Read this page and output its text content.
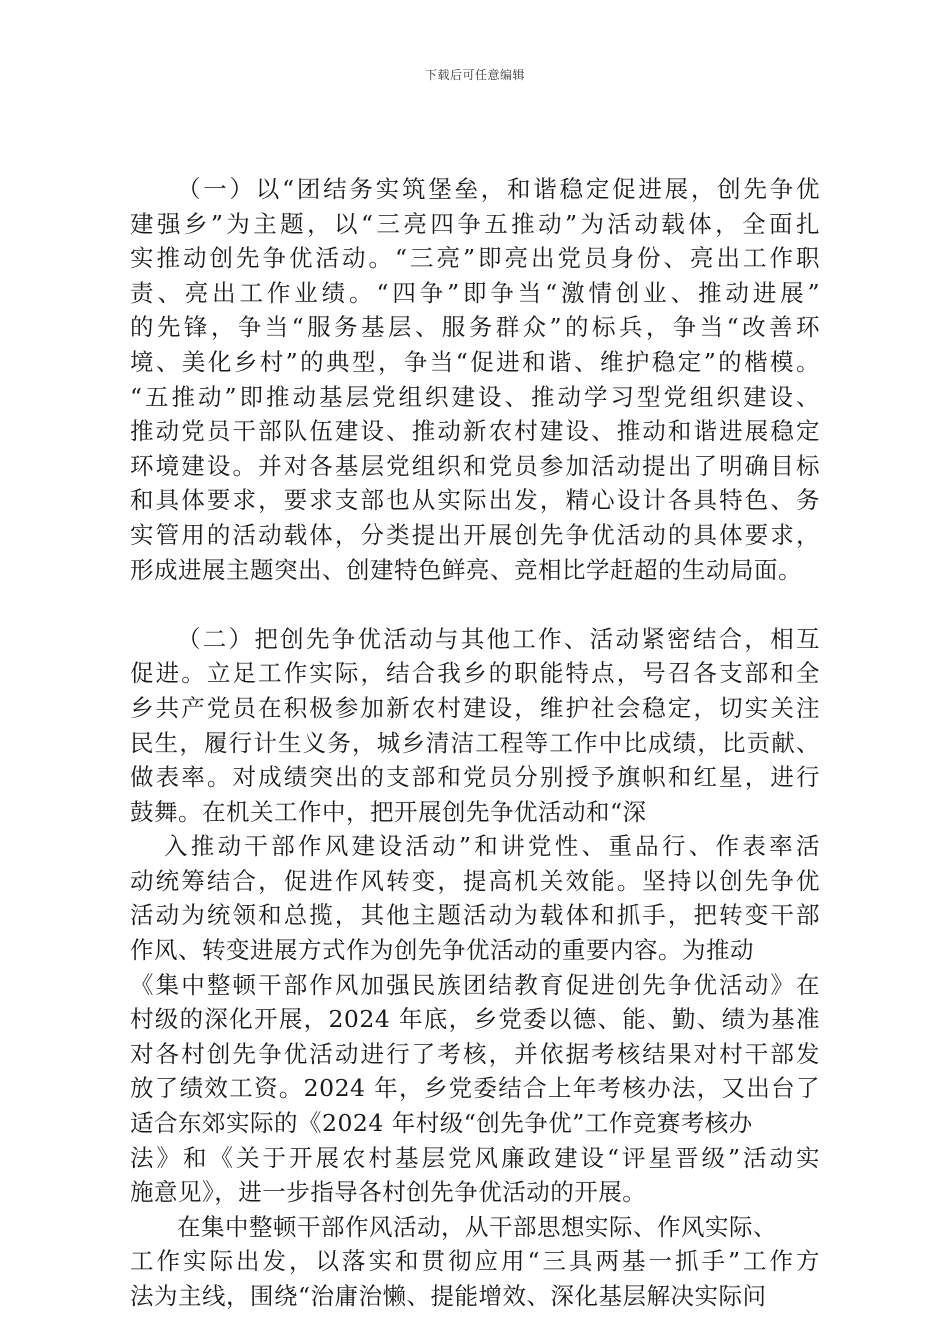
下载后可任意编辑
（一）以“团结务实筑堡垒，和谐稳定促进展，创先争优
建强乡”为主题，以“三亮四争五推动”为活动载体，全面扎
实推动创先争优活动。“三亮”即亮出党员身份、亮出工作职
责、亮出工作业绩。“四争”即争当“激情创业、推动进展”
的先锋，争当“服务基层、服务群众”的标兵，争当“改善环
境、美化乡村”的典型，争当“促进和谐、维护稳定”的楷模。
“五推动”即推动基层党组织建设、推动学习型党组织建设、
推动党员干部队伍建设、推动新农村建设、推动和谐进展稳定
环境建设。并对各基层党组织和党员参加活动提出了明确目标
和具体要求，要求支部也从实际出发，精心设计各具特色、务
实管用的活动载体，分类提出开展创先争优活动的具体要求，
形成进展主题突出、创建特色鲜亮、竞相比学赶超的生动局面。
（二）把创先争优活动与其他工作、活动紧密结合，相互
促进。立足工作实际，结合我乡的职能特点，号召各支部和全
乡共产党员在积极参加新农村建设，维护社会稳定，切实关注
民生，履行计生义务，城乡清洁工程等工作中比成绩，比贡献、
做表率。对成绩突出的支部和党员分别授予旗帜和红星，进行
鼓舞。在机关工作中，把开展创先争优活动和“深
入推动干部作风建设活动”和讲党性、重品行、作表率活
动统筹结合，促进作风转变，提高机关效能。坚持以创先争优
活动为统领和总揽，其他主题活动为载体和抓手，把转变干部
作风、转变进展方式作为创先争优活动的重要内容。为推动
《集中整顿干部作风加强民族团结教育促进创先争优活动》在
村级的深化开展，2024 年底，乡党委以德、能、勤、绩为基准
对各村创先争优活动进行了考核，并依据考核结果对村干部发
放了绩效工资。2024 年，乡党委结合上年考核办法，又出台了
适合东郊实际的《2024 年村级“创先争优”工作竞赛考核办
法》和《关于开展农村基层党风廉政建设“评星晋级”活动实
施意见》，进一步指导各村创先争优活动的开展。
在集中整顿干部作风活动，从干部思想实际、作风实际、
工作实际出发，以落实和贯彻应用“三具两基一抓手”工作方
法为主线，围绕“治庸治懒、提能增效、深化基层解决实际问
